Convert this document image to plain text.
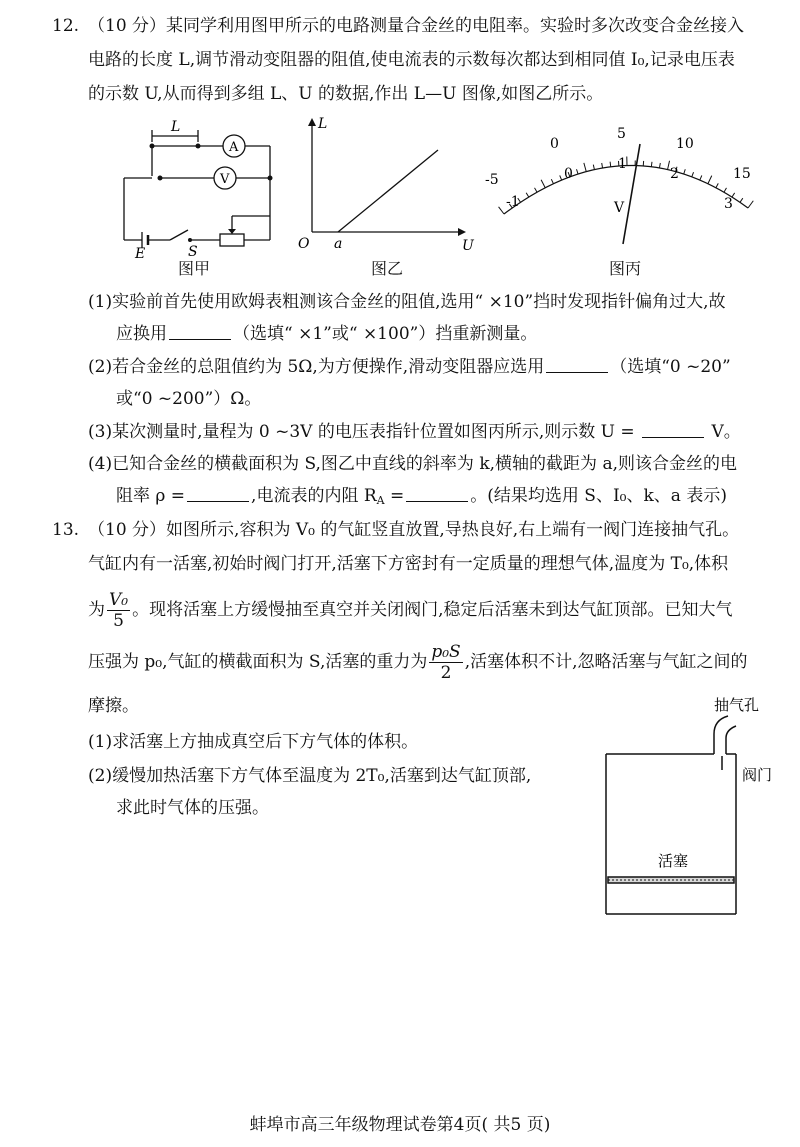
12. （10 分）某同学利用图甲所示的电路测量合金丝的电阻率。实验时多次改变合金丝接入
电路的长度 L,调节滑动变阻器的阻值,使电流表的示数每次都达到相同值 I₀,记录电压表
的示数 U,从而得到多组 L、U 的数据,作出 L—U 图像,如图乙所示。
L
A
V
E	S
图甲
L
U
O a
图乙
-5
0
5
10
15
-1
0
1
2
3
V
图丙
(1)实验前首先使用欧姆表粗测该合金丝的阻值,选用“ ×10”挡时发现指针偏角过大,故
应换用	（选填“ ×1”或“ ×100”）挡重新测量。
(2)若合金丝的总阻值约为 5Ω,为方便操作,滑动变阻器应选用	（选填“0 ~20”
或“0 ~200”）Ω。
(3)某次测量时,量程为 0 ~3V 的电压表指针位置如图丙所示,则示数 U =	V。
(4)已知合金丝的横截面积为 S,图乙中直线的斜率为 k,横轴的截距为 a,则该合金丝的电
阻率 ρ =	,电流表的内阻 $R_A$ =	。(结果均选用 S、I₀、k、a 表示)
13. （10 分）如图所示,容积为 V₀ 的气缸竖直放置,导热良好,右上端有一阀门连接抽气孔。
气缸内有一活塞,初始时阀门打开,活塞下方密封有一定质量的理想气体,温度为 T₀,体积
为 $\frac{\text{V₀}}{5}$ 。现将活塞上方缓慢抽至真空并关闭阀门,稳定后活塞未到达气缸顶部。已知大气
压强为 p₀,气缸的横截面积为 S,活塞的重力为 $\frac{\text{p₀S}}{2}$ ,活塞体积不计,忽略活塞与气缸之间的
摩擦。
(1)求活塞上方抽成真空后下方气体的体积。
(2)缓慢加热活塞下方气体至温度为 2T₀,活塞到达气缸顶部,
求此时气体的压强。
抽气孔
阀门
活塞
蚌埠市高三年级物理试卷第4页( 共5 页)
